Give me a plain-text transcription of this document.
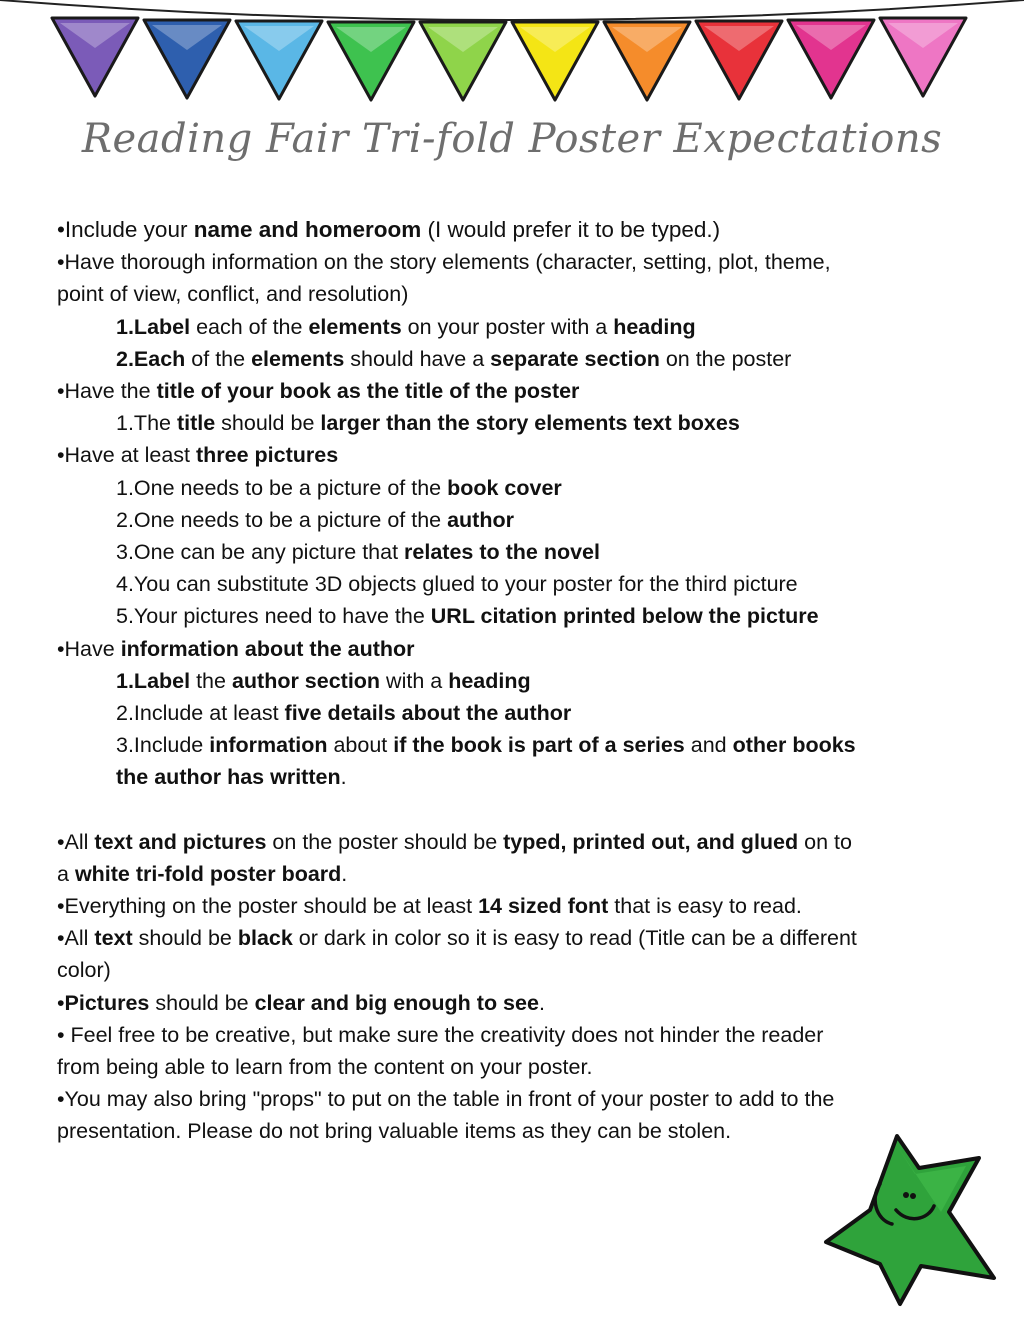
Reading Fair Tri-fold Poster Expectations
•Include your name and homeroom (I would prefer it to be typed.)
•Have thorough information on the story elements (character, setting, plot, theme,
point of view, conflict, and resolution)
1.Label each of the elements on your poster with a heading
2.Each of the elements should have a separate section on the poster
•Have the title of your book as the title of the poster
1.The title should be larger than the story elements text boxes
•Have at least three pictures
1.One needs to be a picture of the book cover
2.One needs to be a picture of the author
3.One can be any picture that relates to the novel
4.You can substitute 3D objects glued to your poster for the third picture
5.Your pictures need to have the URL citation printed below the picture
•Have information about the author
1.Label the author section with a heading
2.Include at least five details about the author
3.Include information about if the book is part of a series and other books
the author has written.
•All text and pictures on the poster should be typed, printed out, and glued on to
a white tri-fold poster board.
•Everything on the poster should be at least 14 sized font that is easy to read.
•All text should be black or dark in color so it is easy to read (Title can be a different
color)
•Pictures should be clear and big enough to see.
• Feel free to be creative, but make sure the creativity does not hinder the reader
from being able to learn from the content on your poster.
•You may also bring "props" to put on the table in front of your poster to add to the
presentation. Please do not bring valuable items as they can be stolen.
